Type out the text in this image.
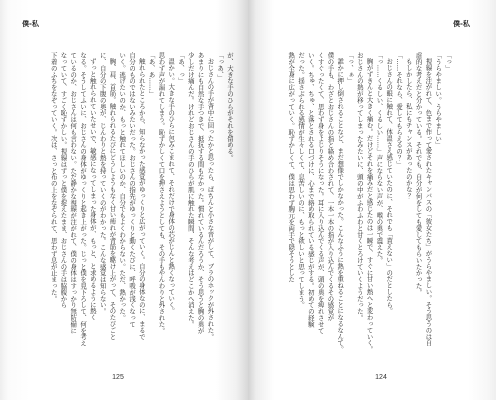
僕-私
が、大きな手のひらがそれを留める。
「っあ、」
おじさんの手が背中に回ったかと思ったら、ぱちんと小さな音がして、ブラのホックが外された。
あまりにも自然な手つきで、抵抗する間もなかった。慣れているんだろうか、そう思うと胸の奥が
少しだけ痛んだ。けれどおじさんの手のひらが肌に触れた瞬間、そんな考えはどこかへ消えた。
「あ、っ」
温かい。大きな手のひらに包みこまれて、それだけで身体の芯がじんと熱くなっていく。
思わず声が漏れてしまう。恥ずかしくて口を押さえようとしても、その手もやんわりと外された。
「あ、あ……」
触れられたところから、知らなかった感覚がゆっくりと広がっていく。自分の身体なのに、まるで
自分のものではないみたいだった。おじさんの指先がゆっくりと動くたびに、呼吸が浅くなって
いく。逃げたいのか、もっと触れてほしいのか、自分でもよくわからない。ただ、熱かった。
胸、肩、首筋。触れられるたびにどうしようもなく甘い痺れが背筋を駆け上がって、そのたびごと
に、自分の下腹の奥が、じんわりと熱を持っていくのがわかった。こんな感覚は知らない。
ずっと触れられていたせいで、敏感になってしまった身体が、もっと、と求めるように熱く
なる。そうしてふいに、おじさんの身体がゆっくりと起き上がった。じっと僕を見下ろして、何を考え
ているのか、おじさんは何も言わない。ただ静かな視線が注がれて、僕の身体はすっかり無防備に
なっていて、すごく恥ずかしい。視線はずっと僕を捉えたまま、おじさんの手は脇腹から
下着のふちをなぞっていく。次は、さっと布の上をなぞられて、思わず息が止まった。
125
僕-私
「っ」
「うらやましい。うらやましい」
視線を注がれて、色まで作って愛されたキャンバスの「彼女たち」がうらやましい。そう思うのは自
虐的な考えだと分かっている。それでも、自分が何をしても愛してもらいたかった。
もしかしたら、私にもチャンスがあったのかな？
「……それなら、愛してもらえるの？」
おじさんの眼に触れて、体温さえ感じていたのに、それでも「貰えない」のだとしたら。
「っ……くるしい、くるしい……」声にならない声が、喉の奥で震えた。
胸がずきんと大きく痛む。だけどそれを痛みだと感じたのは一瞬で、すぐに甘い熱へと変わっていく。
おじさんの熱が移ってしまったみたいに、頭の中がふわふわと甘くとろけていくようだった。
「っ、ぁ」
誰かに押し倒されることなど、まだ想像でしかなかった。こんなふうに熱を重ねることになるなんて。
僕の手も、わざとおじさんの指と絡め合わされて、一本一本の指が入り込んでくるその感覚が
くすぐったくて、思わず身をよじりそうになった。耳に入り込んでくる声が、頭の奥を痺れさせて
いく。ちゅ、ちゅ、と落とされる口づけに、心まで絡め取られている感じがする。初めての経験
だった。揺さぶられる感情が生々しくて、息苦しいのに、もっと欲しいと思ってしまう。
熱が全身に広がっていく。恥ずかしくて、僕は思わず胸元を両手で隠そうとした
124
